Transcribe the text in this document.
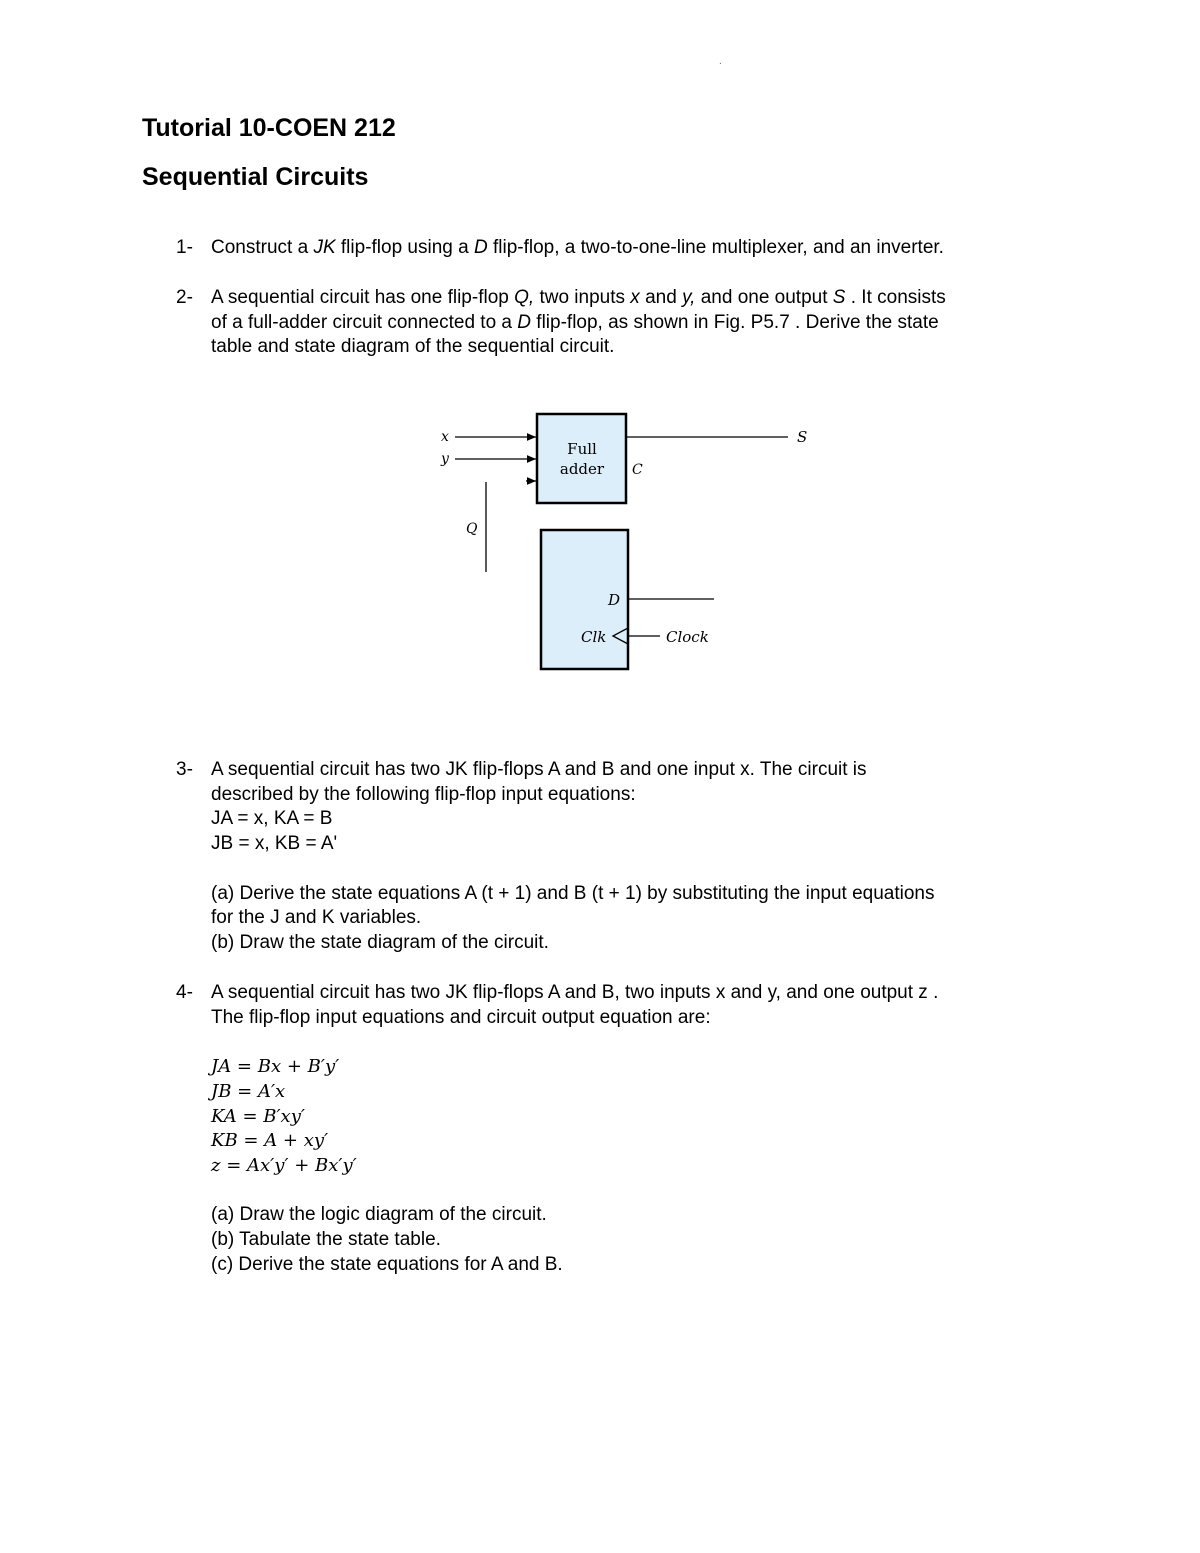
.
Tutorial 10-COEN 212
Sequential Circuits
1- Construct a JK flip-flop using a D flip-flop, a two-to-one-line multiplexer, and an inverter.
2- A sequential circuit has one flip-flop Q, two inputs x and y, and one output S . It consists
of a full-adder circuit connected to a D flip-flop, as shown in Fig. P5.7 . Derive the state
table and state diagram of the sequential circuit.
x
y
S
Full
adder C
Q
D
Clk	Clock
3- A sequential circuit has two JK flip-flops A and B and one input x. The circuit is
described by the following flip-flop input equations:
JA = x, KA = B
JB = x, KB = A'
(a) Derive the state equations A (t + 1) and B (t + 1) by substituting the input equations
for the J and K variables.
(b) Draw the state diagram of the circuit.
4- A sequential circuit has two JK flip-flops A and B, two inputs x and y, and one output z .
The flip-flop input equations and circuit output equation are:
JA = Bx + B′y′
JB = A′x
KA = B′xy′
KB = A + xy′
z = Ax′y′ + Bx′y′
(a) Draw the logic diagram of the circuit.
(b) Tabulate the state table.
(c) Derive the state equations for A and B.
